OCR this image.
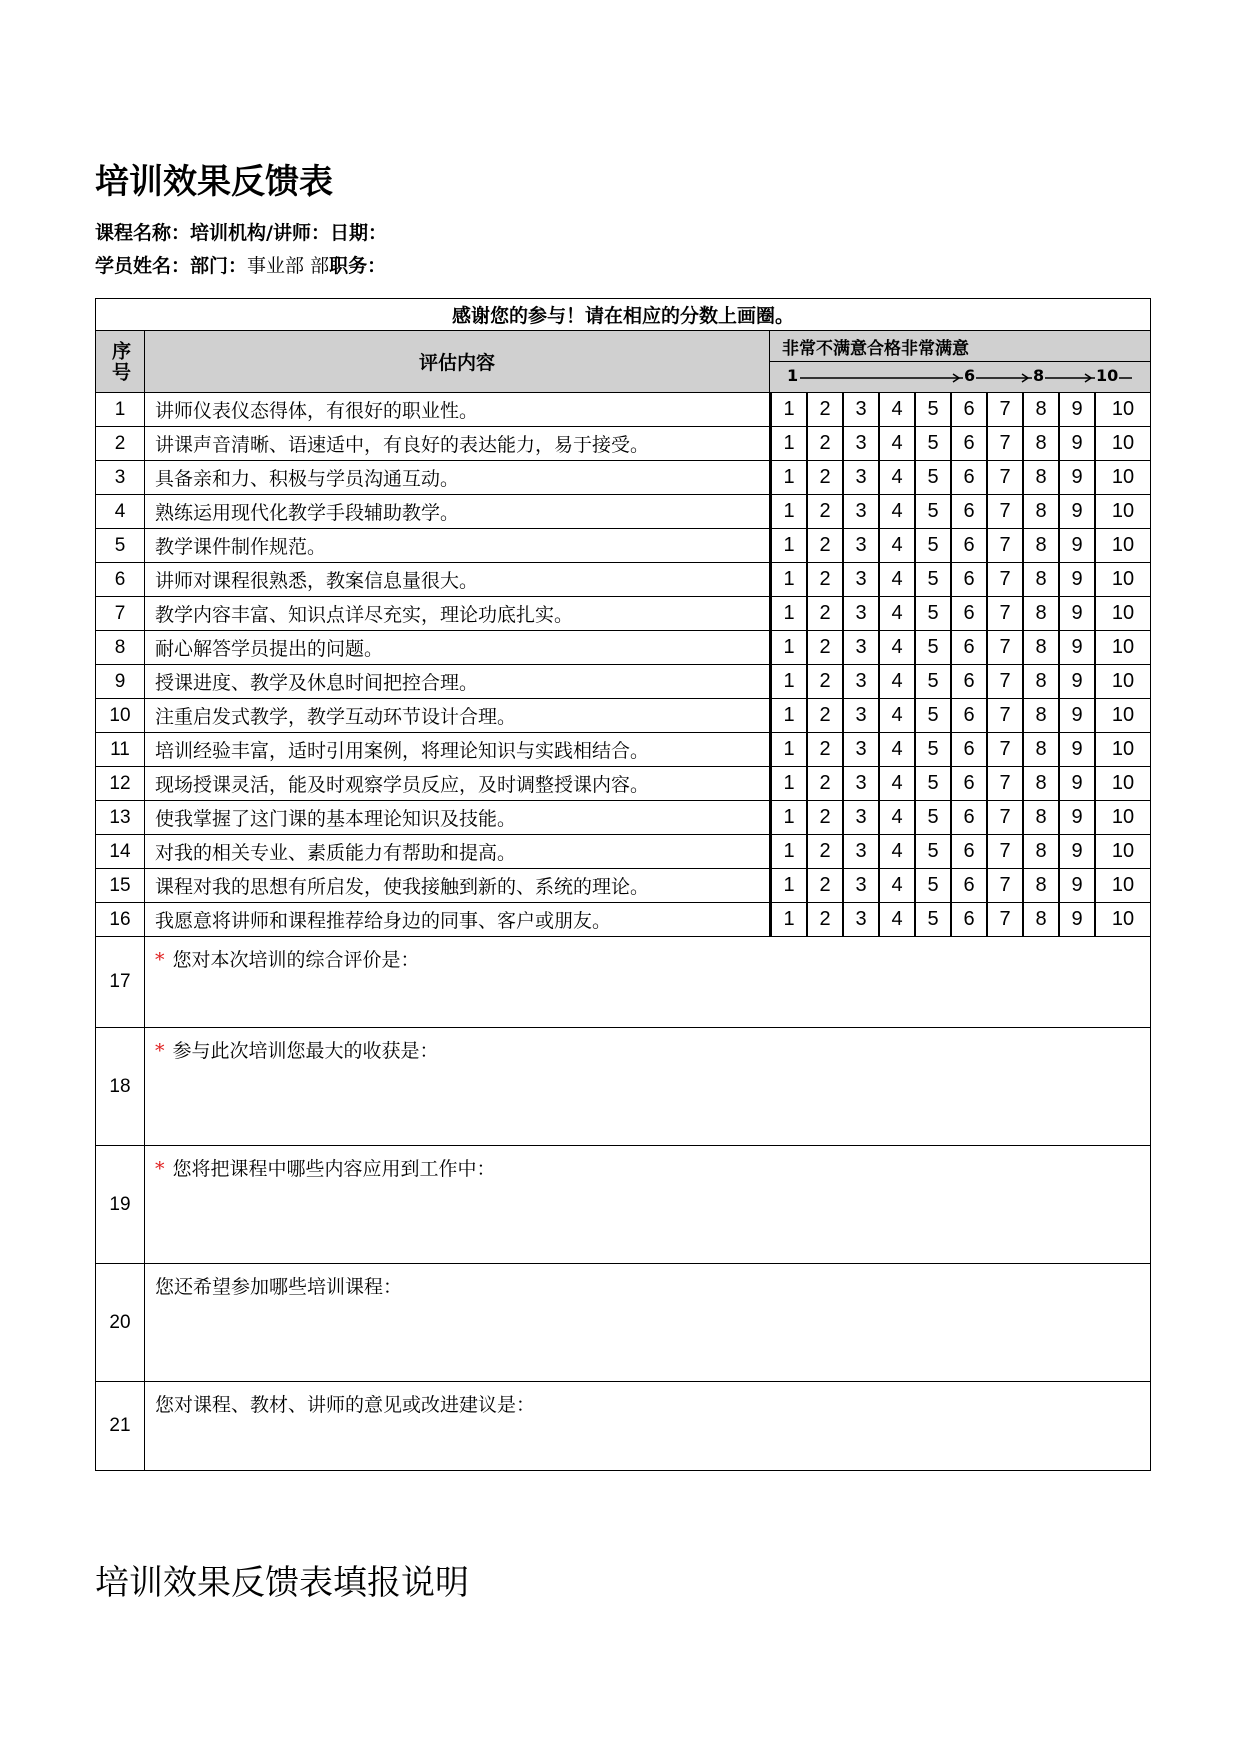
培训效果反馈表
课程名称：培训机构/讲师：日期：
学员姓名：部门：事业部 部职务：
感谢您的参与！请在相应的分数上画圈。
序号	评估内容	非常不满意合格非常满意

1	6	8	10

1	讲师仪表仪态得体，有很好的职业性。		1	2	3	4	5	6	7	8	9	10

2	讲课声音清晰、语速适中，有良好的表达能力，易于接受。		1	2	3	4	5	6	7	8	9	10

3	具备亲和力、积极与学员沟通互动。		1	2	3	4	5	6	7	8	9	10

4	熟练运用现代化教学手段辅助教学。		1	2	3	4	5	6	7	8	9	10

5	教学课件制作规范。		1	2	3	4	5	6	7	8	9	10

6	讲师对课程很熟悉，教案信息量很大。		1	2	3	4	5	6	7	8	9	10

7	教学内容丰富、知识点详尽充实，理论功底扎实。		1	2	3	4	5	6	7	8	9	10

8	耐心解答学员提出的问题。		1	2	3	4	5	6	7	8	9	10

9	授课进度、教学及休息时间把控合理。		1	2	3	4	5	6	7	8	9	10

10	注重启发式教学，教学互动环节设计合理。		1	2	3	4	5	6	7	8	9	10

11	培训经验丰富，适时引用案例，将理论知识与实践相结合。		1	2	3	4	5	6	7	8	9	10

12	现场授课灵活，能及时观察学员反应，及时调整授课内容。		1	2	3	4	5	6	7	8	9	10

13	使我掌握了这门课的基本理论知识及技能。		1	2	3	4	5	6	7	8	9	10

14	对我的相关专业、素质能力有帮助和提高。		1	2	3	4	5	6	7	8	9	10

15	课程对我的思想有所启发，使我接触到新的、系统的理论。		1	2	3	4	5	6	7	8	9	10

16	我愿意将讲师和课程推荐给身边的同事、客户或朋友。		1	2	3	4	5	6	7	8	9	10

17	* 您对本次培训的综合评价是：
18	* 参与此次培训您最大的收获是：
19	* 您将把课程中哪些内容应用到工作中：
20	您还希望参加哪些培训课程：
21	您对课程、教材、讲师的意见或改进建议是：
培训效果反馈表填报说明
